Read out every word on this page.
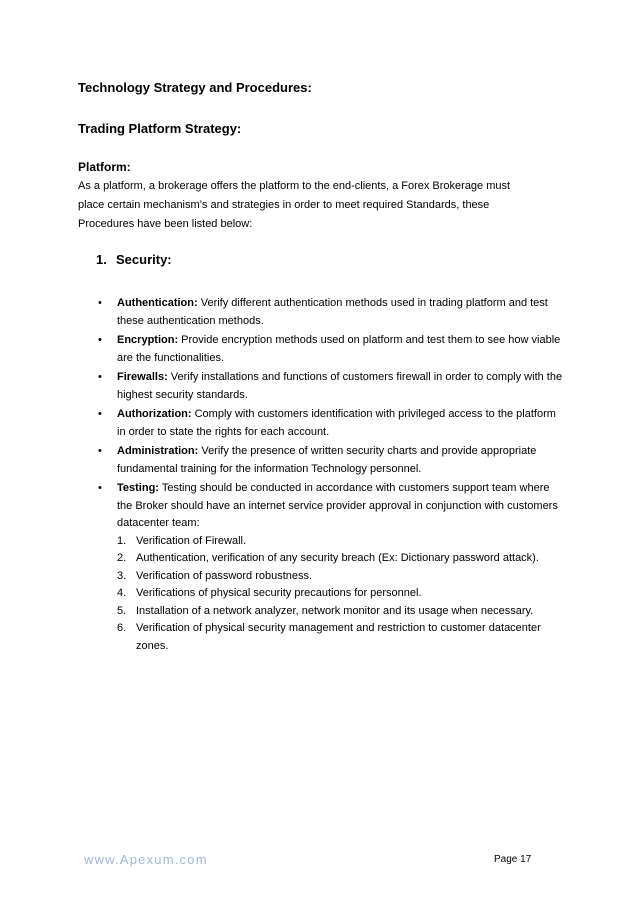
Technology Strategy and Procedures:
Trading Platform Strategy:
Platform:
As a platform, a brokerage offers the platform to the end-clients, a Forex Brokerage must
place certain mechanism’s and strategies in order to meet required Standards, these
Procedures have been listed below:
1. Security:
• Authentication: Verify different authentication methods used in trading platform and test these authentication methods.
• Encryption: Provide encryption methods used on platform and test them to see how viable are the functionalities.
• Firewalls: Verify installations and functions of customers firewall in order to comply with the highest security standards.
• Authorization: Comply with customers identification with privileged access to the platform in order to state the rights for each account.
• Administration: Verify the presence of written security charts and provide appropriate fundamental training for the information Technology personnel.
• Testing: Testing should be conducted in accordance with customers support team where the Broker should have an internet service provider approval in conjunction with customers datacenter team:
1. Verification of Firewall.
2. Authentication, verification of any security breach (Ex: Dictionary password attack).
3. Verification of password robustness.
4. Verifications of physical security precautions for personnel.
5. Installation of a network analyzer, network monitor and its usage when necessary.
6. Verification of physical security management and restriction to customer datacenter zones.
www.Apexum.com	Page 17
